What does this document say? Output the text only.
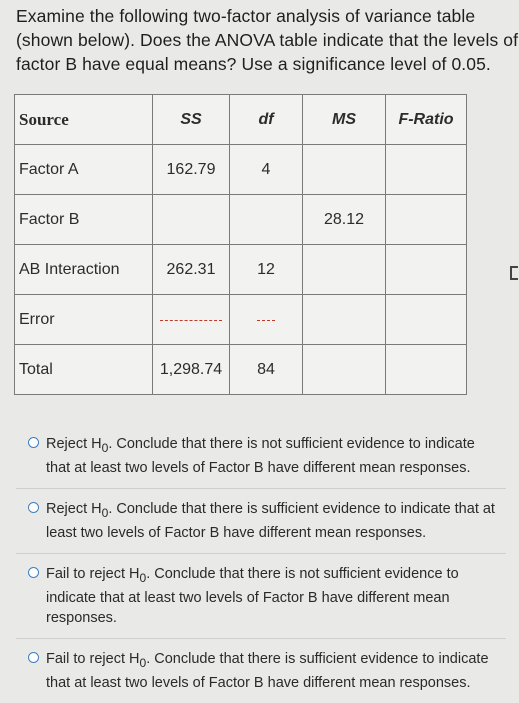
Examine the following two-factor analysis of variance table (shown below). Does the ANOVA table indicate that the levels of factor B have equal means? Use a significance level of 0.05.
Source	SS	df	MS	F-Ratio
Factor A	162.79	4		
Factor B			28.12	
AB Interaction	262.31	12		
Error				
Total	1,298.74	84		
Reject $H_0$. Conclude that there is not sufficient evidence to indicate that at least two levels of Factor B have different mean responses.
Reject $H_0$. Conclude that there is sufficient evidence to indicate that at least two levels of Factor B have different mean responses.
Fail to reject $H_0$. Conclude that there is not sufficient evidence to indicate that at least two levels of Factor B have different mean responses.
Fail to reject $H_0$. Conclude that there is sufficient evidence to indicate that at least two levels of Factor B have different mean responses.
